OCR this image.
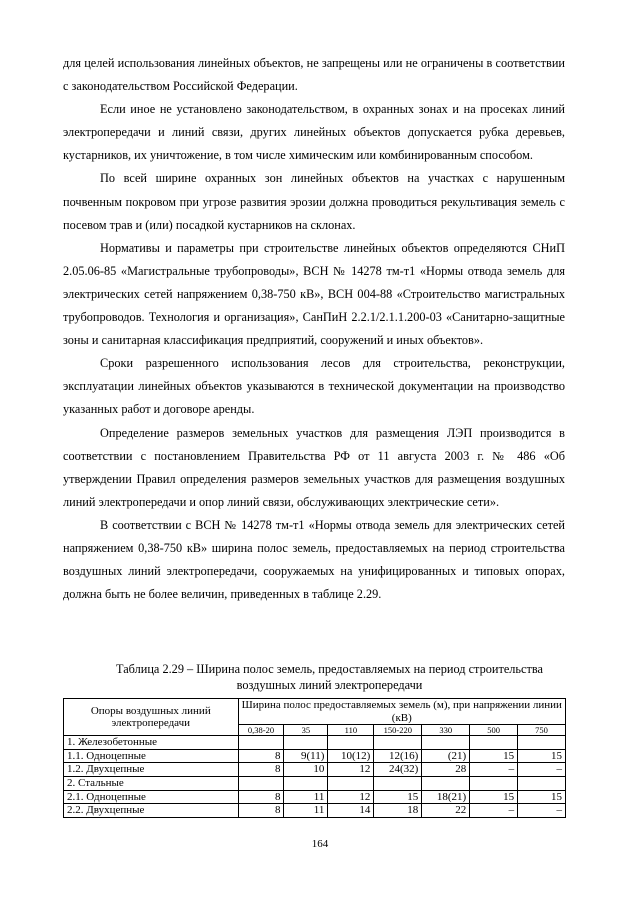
для целей использования линейных объектов, не запрещены или не ограничены в соответствии с законодательством Российской Федерации.

Если иное не установлено законодательством, в охранных зонах и на просеках линий электропередачи и линий связи, других линейных объектов допускается рубка деревьев, кустарников, их уничтожение, в том числе химическим или комбинированным способом.

По всей ширине охранных зон линейных объектов на участках с нарушенным почвенным покровом при угрозе развития эрозии должна проводиться рекультивация земель с посевом трав и (или) посадкой кустарников на склонах.

Нормативы и параметры при строительстве линейных объектов определяются СНиП 2.05.06-85 «Магистральные трубопроводы», ВСН № 14278 тм-т1 «Нормы отвода земель для электрических сетей напряжением 0,38-750 кВ», ВСН 004-88 «Строительство магистральных трубопроводов. Технология и организация», СанПиН 2.2.1/2.1.1.200-03 «Санитарно-защитные зоны и санитарная классификация предприятий, сооружений и иных объектов».

Сроки разрешенного использования лесов для строительства, реконструкции, эксплуатации линейных объектов указываются в технической документации на производство указанных работ и договоре аренды.

Определение размеров земельных участков для размещения ЛЭП производится в соответствии с постановлением Правительства РФ от 11 августа 2003 г. № 486 «Об утверждении Правил определения размеров земельных участков для размещения воздушных линий электропередачи и опор линий связи, обслуживающих электрические сети».

В соответствии с ВСН № 14278 тм-т1 «Нормы отвода земель для электрических сетей напряжением 0,38-750 кВ» ширина полос земель, предоставляемых на период строительства воздушных линий электропередачи, сооружаемых на унифицированных и типовых опорах, должна быть не более величин, приведенных в таблице 2.29.

Таблица 2.29 – Ширина полос земель, предоставляемых на период строительства
воздушных линий электропередачи

Опоры воздушных линий электропередачи	Ширина полос предоставляемых земель (м), при напряжении линии (кВ)						
	0,38-20	35	110	150-220	330	500	750
1. Железобетонные							
1.1. Одноцепные	8	9(11)	10(12)	12(16)	(21)	15	15
1.2. Двухцепные	8	10	12	24(32)	28	–	–
2. Стальные							
2.1. Одноцепные	8	11	12	15	18(21)	15	15
2.2. Двухцепные	8	11	14	18	22	–	–
164
